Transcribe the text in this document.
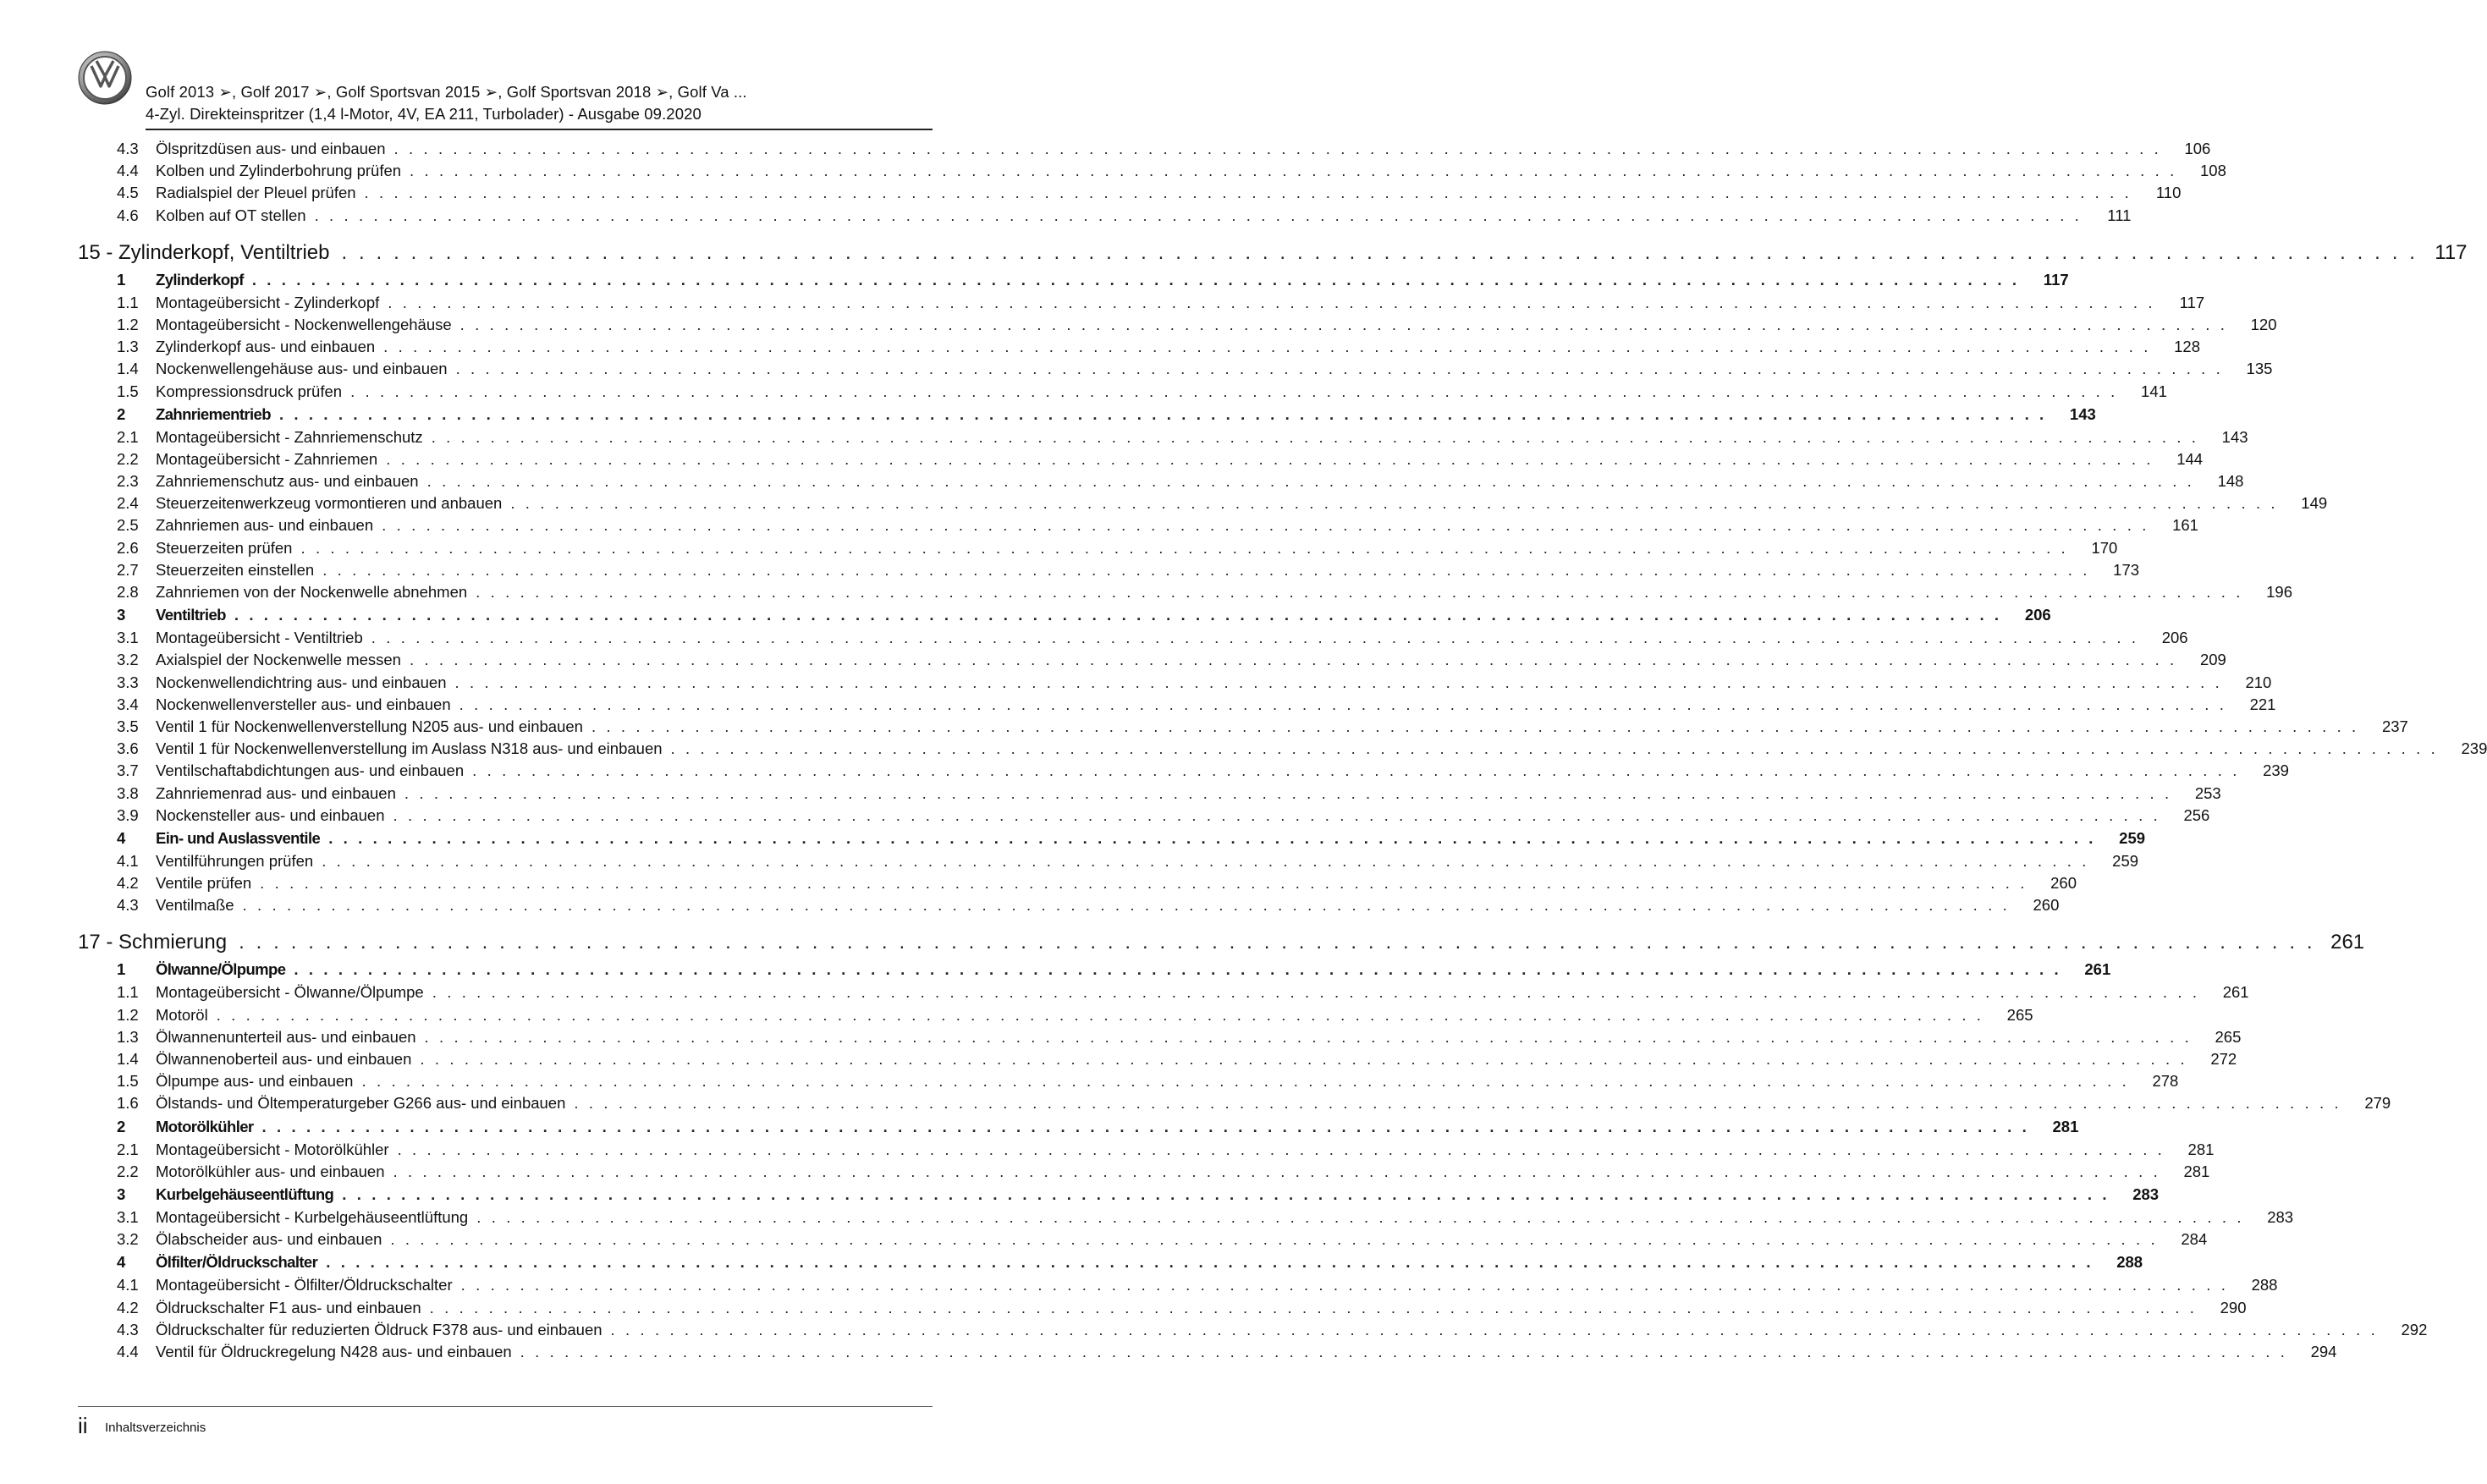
Golf 2013 ➢, Golf 2017 ➢, Golf Sportsvan 2015 ➢, Golf Sportsvan 2018 ➢, Golf Va ...
4-Zyl. Direkteinspritzer (1,4 l-Motor, 4V, EA 211, Turbolader) - Ausgabe 09.2020
4.3	Ölspritzdüsen aus- und einbauen . . . . . . . . . . . . . . . . . . . . . . . . . . . . . . . . . . . . . . . . . . . . . . . . . . . . . . . . . . . . . . . . . . . . . . . . . . . . . . . . . . . . . . . . . . . . . . . . . . . . . . . . . . . . . . . . . . . . . . . .	106
4.4	Kolben und Zylinderbohrung prüfen . . . . . . . . . . . . . . . . . . . . . . . . . . . . . . . . . . . . . . . . . . . . . . . . . . . . . . . . . . . . . . . . . . . . . . . . . . . . . . . . . . . . . . . . . . . . . . . . . . . . . . . . . . . . . . . . . . . . . . . .	108
4.5	Radialspiel der Pleuel prüfen . . . . . . . . . . . . . . . . . . . . . . . . . . . . . . . . . . . . . . . . . . . . . . . . . . . . . . . . . . . . . . . . . . . . . . . . . . . . . . . . . . . . . . . . . . . . . . . . . . . . . . . . . . . . . . . . . . . . . . . .	110
4.6	Kolben auf OT stellen . . . . . . . . . . . . . . . . . . . . . . . . . . . . . . . . . . . . . . . . . . . . . . . . . . . . . . . . . . . . . . . . . . . . . . . . . . . . . . . . . . . . . . . . . . . . . . . . . . . . . . . . . . . . . . . . . . . . . . . .	111
15 - Zylinderkopf, Ventiltrieb . . . . . . . . . . . . . . . . . . . . . . . . . . . . . . . . . . . . . . . . . . . . . . . . . . . . . . . . . . . . . . . . . . . . . . . . . . . . . . . . . . . . . . . . . . . . . . . . . . . . . . . . . . . . . . . . . . . . . . . . 117
1	Zylinderkopf . . . . . . . . . . . . . . . . . . . . . . . . . . . . . . . . . . . . . . . . . . . . . . . . . . . . . . . . . . . . . . . . . . . . . . . . . . . . . . . . . . . . . . . . . . . . . . . . . . . . . . . . . . . . . . . . . . . . . . . .	117
1.1	Montageübersicht - Zylinderkopf . . . . . . . . . . . . . . . . . . . . . . . . . . . . . . . . . . . . . . . . . . . . . . . . . . . . . . . . . . . . . . . . . . . . . . . . . . . . . . . . . . . . . . . . . . . . . . . . . . . . . . . . . . . . . . . . . . . . . . . .	117
1.2	Montageübersicht - Nockenwellengehäuse . . . . . . . . . . . . . . . . . . . . . . . . . . . . . . . . . . . . . . . . . . . . . . . . . . . . . . . . . . . . . . . . . . . . . . . . . . . . . . . . . . . . . . . . . . . . . . . . . . . . . . . . . . . . . . . . . . . . . . . .	120
1.3	Zylinderkopf aus- und einbauen . . . . . . . . . . . . . . . . . . . . . . . . . . . . . . . . . . . . . . . . . . . . . . . . . . . . . . . . . . . . . . . . . . . . . . . . . . . . . . . . . . . . . . . . . . . . . . . . . . . . . . . . . . . . . . . . . . . . . . . .	128
1.4	Nockenwellengehäuse aus- und einbauen . . . . . . . . . . . . . . . . . . . . . . . . . . . . . . . . . . . . . . . . . . . . . . . . . . . . . . . . . . . . . . . . . . . . . . . . . . . . . . . . . . . . . . . . . . . . . . . . . . . . . . . . . . . . . . . . . . . . . . . .	135
1.5	Kompressionsdruck prüfen . . . . . . . . . . . . . . . . . . . . . . . . . . . . . . . . . . . . . . . . . . . . . . . . . . . . . . . . . . . . . . . . . . . . . . . . . . . . . . . . . . . . . . . . . . . . . . . . . . . . . . . . . . . . . . . . . . . . . . . .	141
2	Zahnriementrieb . . . . . . . . . . . . . . . . . . . . . . . . . . . . . . . . . . . . . . . . . . . . . . . . . . . . . . . . . . . . . . . . . . . . . . . . . . . . . . . . . . . . . . . . . . . . . . . . . . . . . . . . . . . . . . . . . . . . . . . .	143
2.1	Montageübersicht - Zahnriemenschutz . . . . . . . . . . . . . . . . . . . . . . . . . . . . . . . . . . . . . . . . . . . . . . . . . . . . . . . . . . . . . . . . . . . . . . . . . . . . . . . . . . . . . . . . . . . . . . . . . . . . . . . . . . . . . . . . . . . . . . . .	143
2.2	Montageübersicht - Zahnriemen . . . . . . . . . . . . . . . . . . . . . . . . . . . . . . . . . . . . . . . . . . . . . . . . . . . . . . . . . . . . . . . . . . . . . . . . . . . . . . . . . . . . . . . . . . . . . . . . . . . . . . . . . . . . . . . . . . . . . . . .	144
2.3	Zahnriemenschutz aus- und einbauen . . . . . . . . . . . . . . . . . . . . . . . . . . . . . . . . . . . . . . . . . . . . . . . . . . . . . . . . . . . . . . . . . . . . . . . . . . . . . . . . . . . . . . . . . . . . . . . . . . . . . . . . . . . . . . . . . . . . . . . .	148
2.4	Steuerzeitenwerkzeug vormontieren und anbauen . . . . . . . . . . . . . . . . . . . . . . . . . . . . . . . . . . . . . . . . . . . . . . . . . . . . . . . . . . . . . . . . . . . . . . . . . . . . . . . . . . . . . . . . . . . . . . . . . . . . . . . . . . . . . . . . . . . . . . . .	149
2.5	Zahnriemen aus- und einbauen . . . . . . . . . . . . . . . . . . . . . . . . . . . . . . . . . . . . . . . . . . . . . . . . . . . . . . . . . . . . . . . . . . . . . . . . . . . . . . . . . . . . . . . . . . . . . . . . . . . . . . . . . . . . . . . . . . . . . . . .	161
2.6	Steuerzeiten prüfen . . . . . . . . . . . . . . . . . . . . . . . . . . . . . . . . . . . . . . . . . . . . . . . . . . . . . . . . . . . . . . . . . . . . . . . . . . . . . . . . . . . . . . . . . . . . . . . . . . . . . . . . . . . . . . . . . . . . . . . .	170
2.7	Steuerzeiten einstellen . . . . . . . . . . . . . . . . . . . . . . . . . . . . . . . . . . . . . . . . . . . . . . . . . . . . . . . . . . . . . . . . . . . . . . . . . . . . . . . . . . . . . . . . . . . . . . . . . . . . . . . . . . . . . . . . . . . . . . . .	173
2.8	Zahnriemen von der Nockenwelle abnehmen . . . . . . . . . . . . . . . . . . . . . . . . . . . . . . . . . . . . . . . . . . . . . . . . . . . . . . . . . . . . . . . . . . . . . . . . . . . . . . . . . . . . . . . . . . . . . . . . . . . . . . . . . . . . . . . . . . . . . . . .	196
3	Ventiltrieb . . . . . . . . . . . . . . . . . . . . . . . . . . . . . . . . . . . . . . . . . . . . . . . . . . . . . . . . . . . . . . . . . . . . . . . . . . . . . . . . . . . . . . . . . . . . . . . . . . . . . . . . . . . . . . . . . . . . . . . .	206
3.1	Montageübersicht - Ventiltrieb . . . . . . . . . . . . . . . . . . . . . . . . . . . . . . . . . . . . . . . . . . . . . . . . . . . . . . . . . . . . . . . . . . . . . . . . . . . . . . . . . . . . . . . . . . . . . . . . . . . . . . . . . . . . . . . . . . . . . . . .	206
3.2	Axialspiel der Nockenwelle messen . . . . . . . . . . . . . . . . . . . . . . . . . . . . . . . . . . . . . . . . . . . . . . . . . . . . . . . . . . . . . . . . . . . . . . . . . . . . . . . . . . . . . . . . . . . . . . . . . . . . . . . . . . . . . . . . . . . . . . . .	209
3.3	Nockenwellendichtring aus- und einbauen . . . . . . . . . . . . . . . . . . . . . . . . . . . . . . . . . . . . . . . . . . . . . . . . . . . . . . . . . . . . . . . . . . . . . . . . . . . . . . . . . . . . . . . . . . . . . . . . . . . . . . . . . . . . . . . . . . . . . . . .	210
3.4	Nockenwellenversteller aus- und einbauen . . . . . . . . . . . . . . . . . . . . . . . . . . . . . . . . . . . . . . . . . . . . . . . . . . . . . . . . . . . . . . . . . . . . . . . . . . . . . . . . . . . . . . . . . . . . . . . . . . . . . . . . . . . . . . . . . . . . . . . .	221
3.5	Ventil 1 für Nockenwellenverstellung N205 aus- und einbauen . . . . . . . . . . . . . . . . . . . . . . . . . . . . . . . . . . . . . . . . . . . . . . . . . . . . . . . . . . . . . . . . . . . . . . . . . . . . . . . . . . . . . . . . . . . . . . . . . . . . . . . . . . . . . . . . . . . . . . . .	237
3.6	Ventil 1 für Nockenwellenverstellung im Auslass N318 aus- und einbauen . . . . . . . . . . . . . . . . . . . . . . . . . . . . . . . . . . . . . . . . . . . . . . . . . . . . . . . . . . . . . . . . . . . . . . . . . . . . . . . . . . . . . . . . . . . . . . . . . . . . . . . . . . . . . . . . . . . . . . . .	239
3.7	Ventilschaftabdichtungen aus- und einbauen . . . . . . . . . . . . . . . . . . . . . . . . . . . . . . . . . . . . . . . . . . . . . . . . . . . . . . . . . . . . . . . . . . . . . . . . . . . . . . . . . . . . . . . . . . . . . . . . . . . . . . . . . . . . . . . . . . . . . . . .	239
3.8	Zahnriemenrad aus- und einbauen . . . . . . . . . . . . . . . . . . . . . . . . . . . . . . . . . . . . . . . . . . . . . . . . . . . . . . . . . . . . . . . . . . . . . . . . . . . . . . . . . . . . . . . . . . . . . . . . . . . . . . . . . . . . . . . . . . . . . . . .	253
3.9	Nockensteller aus- und einbauen . . . . . . . . . . . . . . . . . . . . . . . . . . . . . . . . . . . . . . . . . . . . . . . . . . . . . . . . . . . . . . . . . . . . . . . . . . . . . . . . . . . . . . . . . . . . . . . . . . . . . . . . . . . . . . . . . . . . . . . .	256
4	Ein- und Auslassventile . . . . . . . . . . . . . . . . . . . . . . . . . . . . . . . . . . . . . . . . . . . . . . . . . . . . . . . . . . . . . . . . . . . . . . . . . . . . . . . . . . . . . . . . . . . . . . . . . . . . . . . . . . . . . . . . . . . . . . . .	259
4.1	Ventilführungen prüfen . . . . . . . . . . . . . . . . . . . . . . . . . . . . . . . . . . . . . . . . . . . . . . . . . . . . . . . . . . . . . . . . . . . . . . . . . . . . . . . . . . . . . . . . . . . . . . . . . . . . . . . . . . . . . . . . . . . . . . . .	259
4.2	Ventile prüfen . . . . . . . . . . . . . . . . . . . . . . . . . . . . . . . . . . . . . . . . . . . . . . . . . . . . . . . . . . . . . . . . . . . . . . . . . . . . . . . . . . . . . . . . . . . . . . . . . . . . . . . . . . . . . . . . . . . . . . . .	260
4.3	Ventilmaße . . . . . . . . . . . . . . . . . . . . . . . . . . . . . . . . . . . . . . . . . . . . . . . . . . . . . . . . . . . . . . . . . . . . . . . . . . . . . . . . . . . . . . . . . . . . . . . . . . . . . . . . . . . . . . . . . . . . . . . .	260
17 - Schmierung . . . . . . . . . . . . . . . . . . . . . . . . . . . . . . . . . . . . . . . . . . . . . . . . . . . . . . . . . . . . . . . . . . . . . . . . . . . . . . . . . . . . . . . . . . . . . . . . . . . . . . . . . . . . . . . . . . . . . . . . 261
1	Ölwanne/Ölpumpe . . . . . . . . . . . . . . . . . . . . . . . . . . . . . . . . . . . . . . . . . . . . . . . . . . . . . . . . . . . . . . . . . . . . . . . . . . . . . . . . . . . . . . . . . . . . . . . . . . . . . . . . . . . . . . . . . . . . . . . .	261
1.1	Montageübersicht - Ölwanne/Ölpumpe . . . . . . . . . . . . . . . . . . . . . . . . . . . . . . . . . . . . . . . . . . . . . . . . . . . . . . . . . . . . . . . . . . . . . . . . . . . . . . . . . . . . . . . . . . . . . . . . . . . . . . . . . . . . . . . . . . . . . . . .	261
1.2	Motoröl . . . . . . . . . . . . . . . . . . . . . . . . . . . . . . . . . . . . . . . . . . . . . . . . . . . . . . . . . . . . . . . . . . . . . . . . . . . . . . . . . . . . . . . . . . . . . . . . . . . . . . . . . . . . . . . . . . . . . . . .	265
1.3	Ölwannenunterteil aus- und einbauen . . . . . . . . . . . . . . . . . . . . . . . . . . . . . . . . . . . . . . . . . . . . . . . . . . . . . . . . . . . . . . . . . . . . . . . . . . . . . . . . . . . . . . . . . . . . . . . . . . . . . . . . . . . . . . . . . . . . . . . .	265
1.4	Ölwannenoberteil aus- und einbauen . . . . . . . . . . . . . . . . . . . . . . . . . . . . . . . . . . . . . . . . . . . . . . . . . . . . . . . . . . . . . . . . . . . . . . . . . . . . . . . . . . . . . . . . . . . . . . . . . . . . . . . . . . . . . . . . . . . . . . . .	272
1.5	Ölpumpe aus- und einbauen . . . . . . . . . . . . . . . . . . . . . . . . . . . . . . . . . . . . . . . . . . . . . . . . . . . . . . . . . . . . . . . . . . . . . . . . . . . . . . . . . . . . . . . . . . . . . . . . . . . . . . . . . . . . . . . . . . . . . . . .	278
1.6	Ölstands- und Öltemperaturgeber G266 aus- und einbauen . . . . . . . . . . . . . . . . . . . . . . . . . . . . . . . . . . . . . . . . . . . . . . . . . . . . . . . . . . . . . . . . . . . . . . . . . . . . . . . . . . . . . . . . . . . . . . . . . . . . . . . . . . . . . . . . . . . . . . . .	279
2	Motorölkühler . . . . . . . . . . . . . . . . . . . . . . . . . . . . . . . . . . . . . . . . . . . . . . . . . . . . . . . . . . . . . . . . . . . . . . . . . . . . . . . . . . . . . . . . . . . . . . . . . . . . . . . . . . . . . . . . . . . . . . . .	281
2.1	Montageübersicht - Motorölkühler . . . . . . . . . . . . . . . . . . . . . . . . . . . . . . . . . . . . . . . . . . . . . . . . . . . . . . . . . . . . . . . . . . . . . . . . . . . . . . . . . . . . . . . . . . . . . . . . . . . . . . . . . . . . . . . . . . . . . . . .	281
2.2	Motorölkühler aus- und einbauen . . . . . . . . . . . . . . . . . . . . . . . . . . . . . . . . . . . . . . . . . . . . . . . . . . . . . . . . . . . . . . . . . . . . . . . . . . . . . . . . . . . . . . . . . . . . . . . . . . . . . . . . . . . . . . . . . . . . . . . .	281
3	Kurbelgehäuseentlüftung . . . . . . . . . . . . . . . . . . . . . . . . . . . . . . . . . . . . . . . . . . . . . . . . . . . . . . . . . . . . . . . . . . . . . . . . . . . . . . . . . . . . . . . . . . . . . . . . . . . . . . . . . . . . . . . . . . . . . . . .	283
3.1	Montageübersicht - Kurbelgehäuseentlüftung . . . . . . . . . . . . . . . . . . . . . . . . . . . . . . . . . . . . . . . . . . . . . . . . . . . . . . . . . . . . . . . . . . . . . . . . . . . . . . . . . . . . . . . . . . . . . . . . . . . . . . . . . . . . . . . . . . . . . . . .	283
3.2	Ölabscheider aus- und einbauen . . . . . . . . . . . . . . . . . . . . . . . . . . . . . . . . . . . . . . . . . . . . . . . . . . . . . . . . . . . . . . . . . . . . . . . . . . . . . . . . . . . . . . . . . . . . . . . . . . . . . . . . . . . . . . . . . . . . . . . .	284
4	Ölfilter/Öldruckschalter . . . . . . . . . . . . . . . . . . . . . . . . . . . . . . . . . . . . . . . . . . . . . . . . . . . . . . . . . . . . . . . . . . . . . . . . . . . . . . . . . . . . . . . . . . . . . . . . . . . . . . . . . . . . . . . . . . . . . . . .	288
4.1	Montageübersicht - Ölfilter/Öldruckschalter . . . . . . . . . . . . . . . . . . . . . . . . . . . . . . . . . . . . . . . . . . . . . . . . . . . . . . . . . . . . . . . . . . . . . . . . . . . . . . . . . . . . . . . . . . . . . . . . . . . . . . . . . . . . . . . . . . . . . . . .	288
4.2	Öldruckschalter F1 aus- und einbauen . . . . . . . . . . . . . . . . . . . . . . . . . . . . . . . . . . . . . . . . . . . . . . . . . . . . . . . . . . . . . . . . . . . . . . . . . . . . . . . . . . . . . . . . . . . . . . . . . . . . . . . . . . . . . . . . . . . . . . . .	290
4.3	Öldruckschalter für reduzierten Öldruck F378 aus- und einbauen . . . . . . . . . . . . . . . . . . . . . . . . . . . . . . . . . . . . . . . . . . . . . . . . . . . . . . . . . . . . . . . . . . . . . . . . . . . . . . . . . . . . . . . . . . . . . . . . . . . . . . . . . . . . . . . . . . . . . . . .	292
4.4	Ventil für Öldruckregelung N428 aus- und einbauen . . . . . . . . . . . . . . . . . . . . . . . . . . . . . . . . . . . . . . . . . . . . . . . . . . . . . . . . . . . . . . . . . . . . . . . . . . . . . . . . . . . . . . . . . . . . . . . . . . . . . . . . . . . . . . . . . . . . . . . .	294
ii Inhaltsverzeichnis
